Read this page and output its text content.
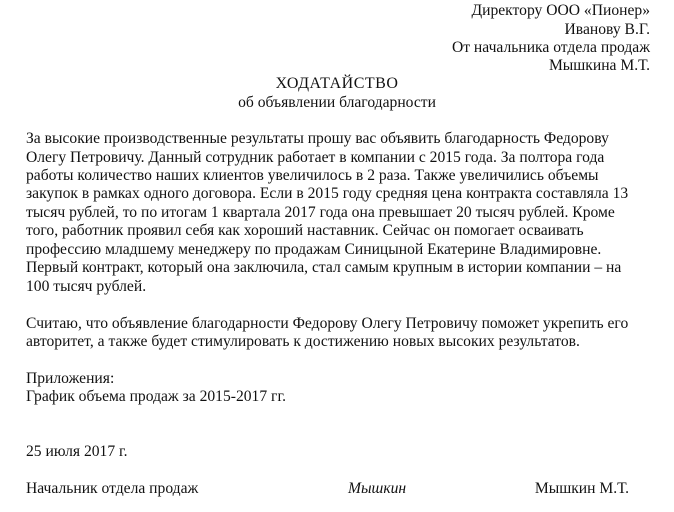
Директору ООО «Пионер»
Иванову В.Г.
От начальника отдела продаж
Мышкина М.Т.
ХОДАТАЙСТВО
об объявлении благодарности
За высокие производственные результаты прошу вас объявить благодарность Федорову
Олегу Петровичу. Данный сотрудник работает в компании с 2015 года. За полтора года
работы количество наших клиентов увеличилось в 2 раза. Также увеличились объемы
закупок в рамках одного договора. Если в 2015 году средняя цена контракта составляла 13
тысяч рублей, то по итогам 1 квартала 2017 года она превышает 20 тысяч рублей. Кроме
того, работник проявил себя как хороший наставник. Сейчас он помогает осваивать
профессию младшему менеджеру по продажам Синицыной Екатерине Владимировне.
Первый контракт, который она заключила, стал самым крупным в истории компании – на
100 тысяч рублей.
Считаю, что объявление благодарности Федорову Олегу Петровичу поможет укрепить его
авторитет, а также будет стимулировать к достижению новых высоких результатов.
Приложения:
График объема продаж за 2015-2017 гг.
25 июля 2017 г.
Начальник отдела продаж	Мышкин	Мышкин М.Т.
